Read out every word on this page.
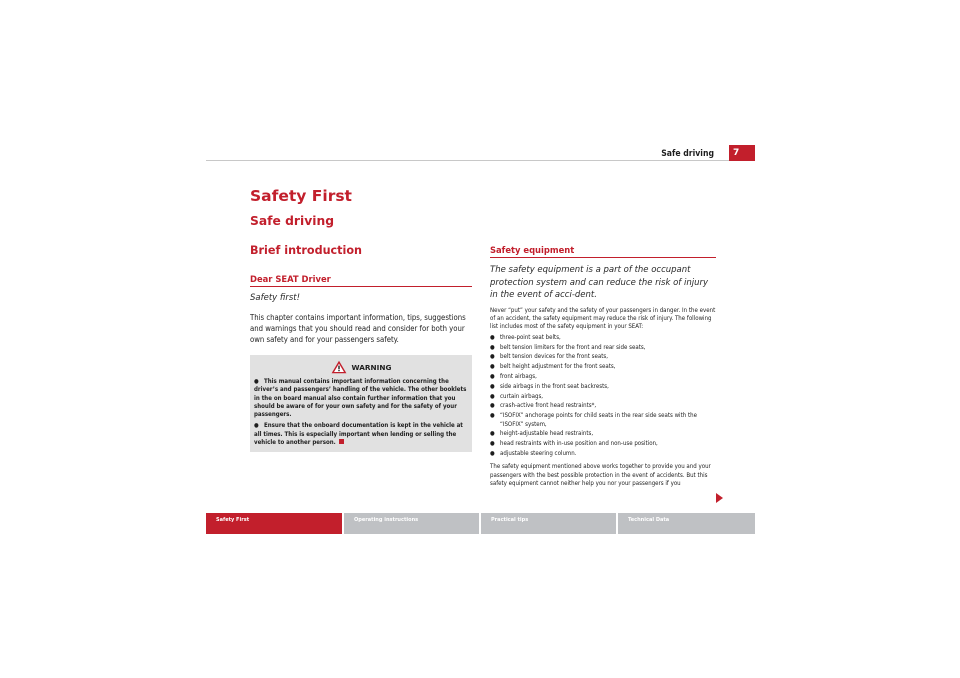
Safe driving	7
Safety First
Safe driving
Brief introduction
Dear SEAT Driver
Safety first!
This chapter contains important information, tips, suggestions and warnings that you should read and consider for both your own safety and for your passengers safety.
WARNING
● This manual contains important information concerning the driver’s and passengers’ handling of the vehicle. The other booklets in the on board manual also contain further information that you should be aware of for your own safety and for the safety of your passengers.
● Ensure that the onboard documentation is kept in the vehicle at all times. This is especially important when lending or selling the vehicle to another person.
Safety equipment
The safety equipment is a part of the occupant protection system and can reduce the risk of injury in the event of acci-dent.
Never “put” your safety and the safety of your passengers in danger. In the event of an accident, the safety equipment may reduce the risk of injury. The following list includes most of the safety equipment in your SEAT:
● three-point seat belts,
● belt tension limiters for the front and rear side seats,
● belt tension devices for the front seats,
● belt height adjustment for the front seats,
● front airbags,
● side airbags in the front seat backrests,
● curtain airbags,
● crash-active front head restraints*,
● “ISOFIX” anchorage points for child seats in the rear side seats with the “ISOFIX” system,
● height-adjustable head restraints,
● head restraints with in-use position and non-use position,
● adjustable steering column.
The safety equipment mentioned above works together to provide you and your passengers with the best possible protection in the event of accidents. But this safety equipment cannot neither help you nor your passengers if you
Safety First	Operating instructions	Practical tips	Technical Data
